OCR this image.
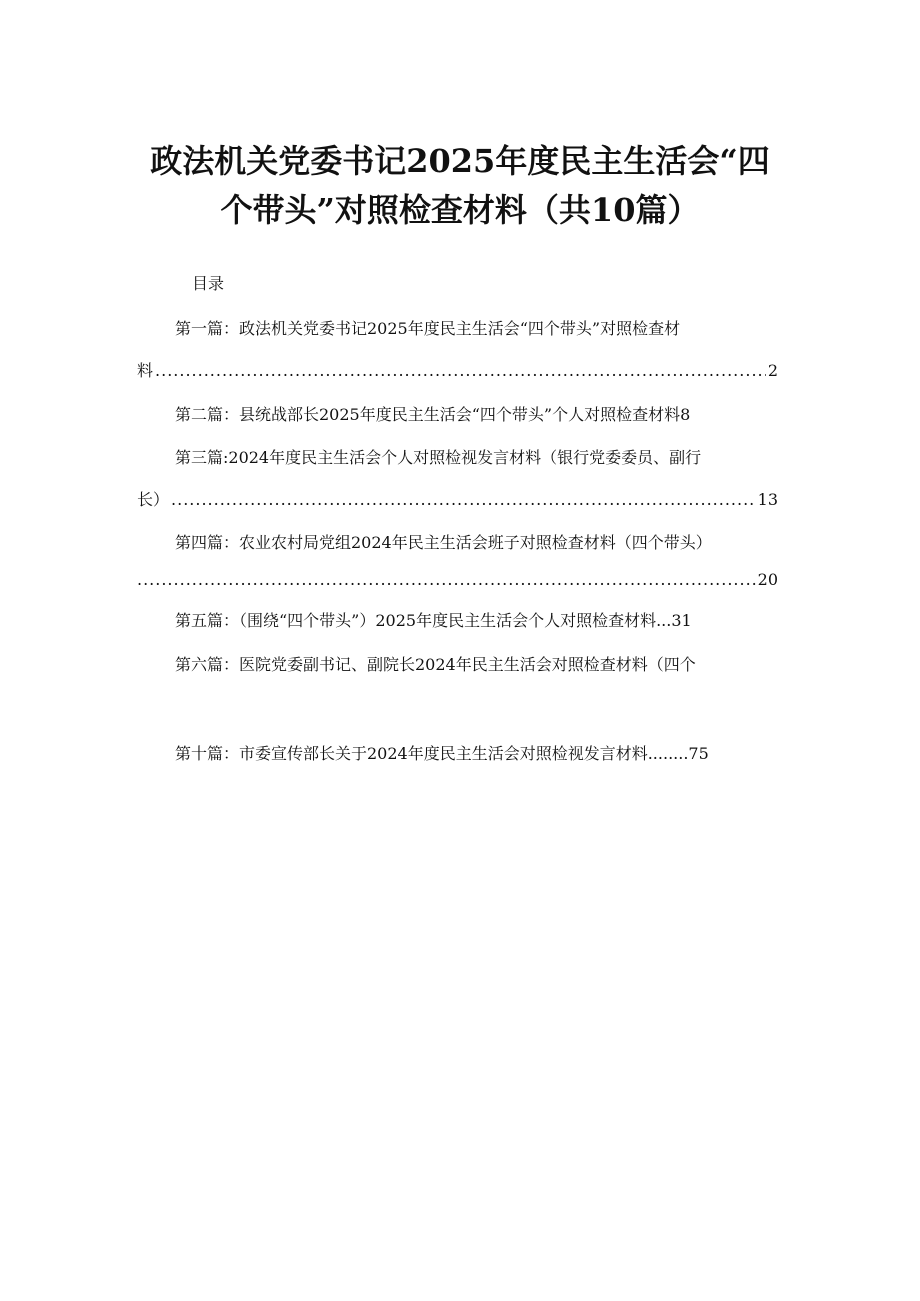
政法机关党委书记2025年度民主生活会“四
个带头”对照检查材料（共10篇）
目录
第一篇：政法机关党委书记2025年度民主生活会“四个带头”对照检查材
料 .....	2
第二篇：县统战部长2025年度民主生活会“四个带头”个人对照检查材料8
第三篇:2024年度民主生活会个人对照检视发言材料（银行党委委员、副行
长） .....	13
第四篇：农业农村局党组2024年民主生活会班子对照检查材料（四个带头）
.....
20
第五篇：（围绕“四个带头”）2025年度民主生活会个人对照检查材料...31
第六篇：医院党委副书记、副院长2024年民主生活会对照检查材料（四个
第十篇：市委宣传部长关于2024年度民主生活会对照检视发言材料........75
